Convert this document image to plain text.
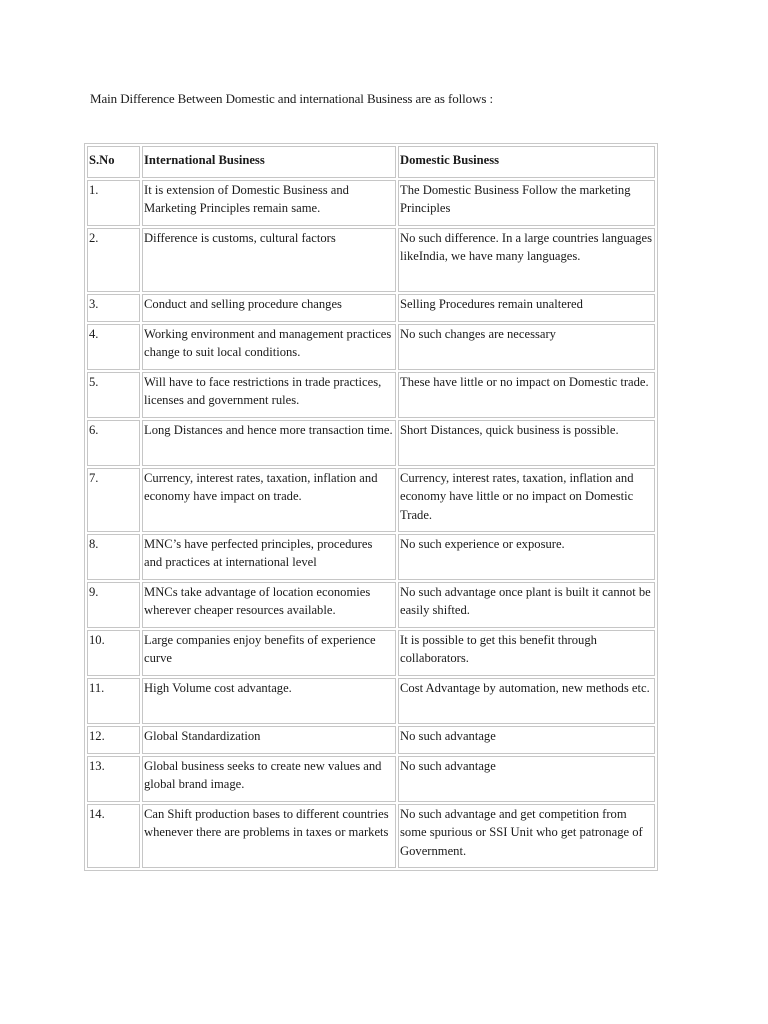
Main Difference Between Domestic and international Business are as follows :
S.No	International Business	Domestic Business
1.	It is extension of Domestic Business and Marketing Principles remain same.	The Domestic Business Follow the marketing Principles
2.	Difference is customs, cultural factors	No such difference. In a large countries languages likeIndia, we have many languages.
3.	Conduct and selling procedure changes	Selling Procedures remain unaltered
4.	Working environment and management practices change to suit local conditions.	No such changes are necessary
5.	Will have to face restrictions in trade practices, licenses and government rules.	These have little or no impact on Domestic trade.
6.	Long Distances and hence more transaction time.	Short Distances, quick business is possible.
7.	Currency, interest rates, taxation, inflation and economy have impact on trade.	Currency, interest rates, taxation, inflation and economy have little or no impact on Domestic Trade.
8.	MNC’s have perfected principles, procedures and practices at international level	No such experience or exposure.
9.	MNCs take advantage of location economies wherever cheaper resources available.	No such advantage once plant is built it cannot be easily shifted.
10.	Large companies enjoy benefits of experience curve	It is possible to get this benefit through collaborators.
11.	High Volume cost advantage.	Cost Advantage by automation, new methods etc.
12.	Global Standardization	No such advantage
13.	Global business seeks to create new values and global brand image.	No such advantage
14.	Can Shift production bases to different countries whenever there are problems in taxes or markets	No such advantage and get competition from some spurious or SSI Unit who get patronage of Government.
